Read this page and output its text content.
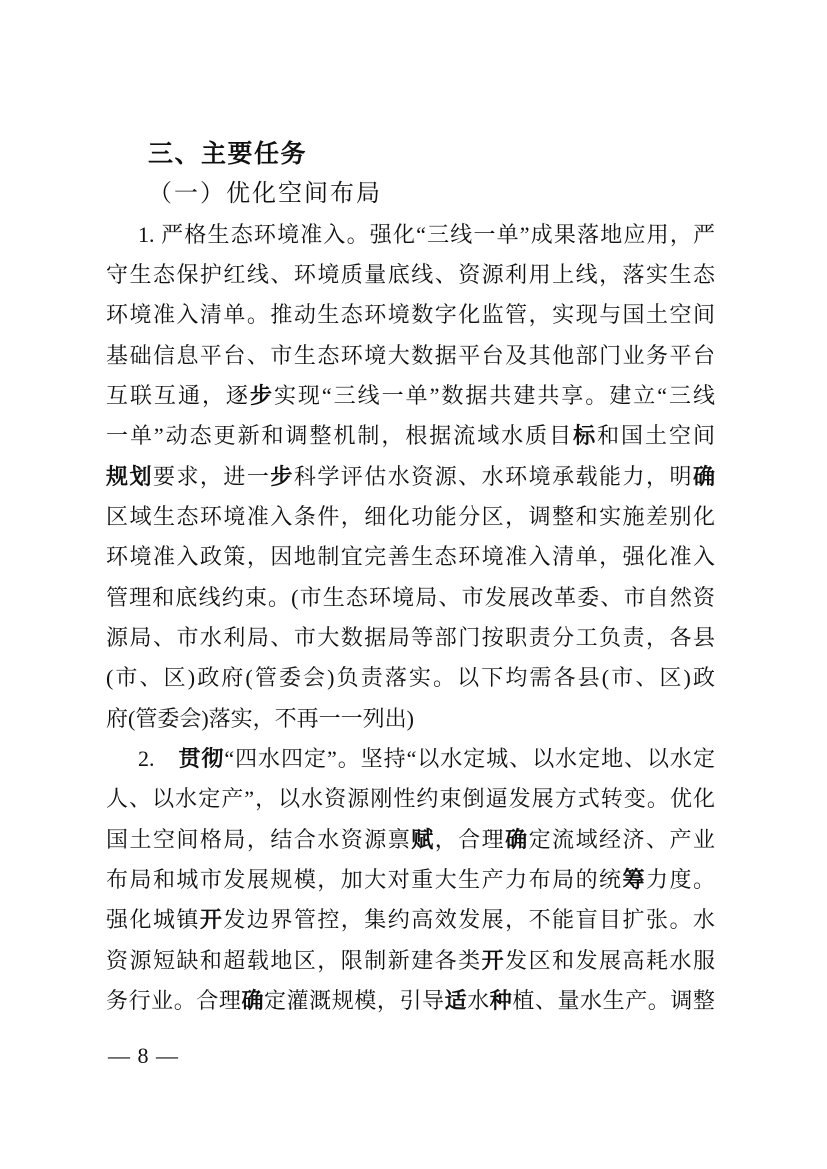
三、主要任务
（一）优化空间布局
1. 严格生态环境准入。强化“三线一单”成果落地应用，严
守生态保护红线、环境质量底线、资源利用上线，落实生态
环境准入清单。推动生态环境数字化监管，实现与国土空间
基础信息平台、市生态环境大数据平台及其他部门业务平台
互联互通，逐步实现“三线一单”数据共建共享。建立“三线
一单”动态更新和调整机制，根据流域水质目标和国土空间
规划要求，进一步科学评估水资源、水环境承载能力，明确
区域生态环境准入条件，细化功能分区，调整和实施差别化
环境准入政策，因地制宜完善生态环境准入清单，强化准入
管理和底线约束。(市生态环境局、市发展改革委、市自然资
源局、市水利局、市大数据局等部门按职责分工负责，各县
(市、区)政府(管委会)负责落实。以下均需各县(市、区)政
府(管委会)落实，不再一一列出)
2.　贯彻“四水四定”。坚持“以水定城、以水定地、以水定
人、以水定产”，以水资源刚性约束倒逼发展方式转变。优化
国土空间格局，结合水资源禀赋，合理确定流域经济、产业
布局和城市发展规模，加大对重大生产力布局的统筹力度。
强化城镇开发边界管控，集约高效发展，不能盲目扩张。水
资源短缺和超载地区，限制新建各类开发区和发展高耗水服
务行业。合理确定灌溉规模，引导适水种植、量水生产。调整
— 8 —
